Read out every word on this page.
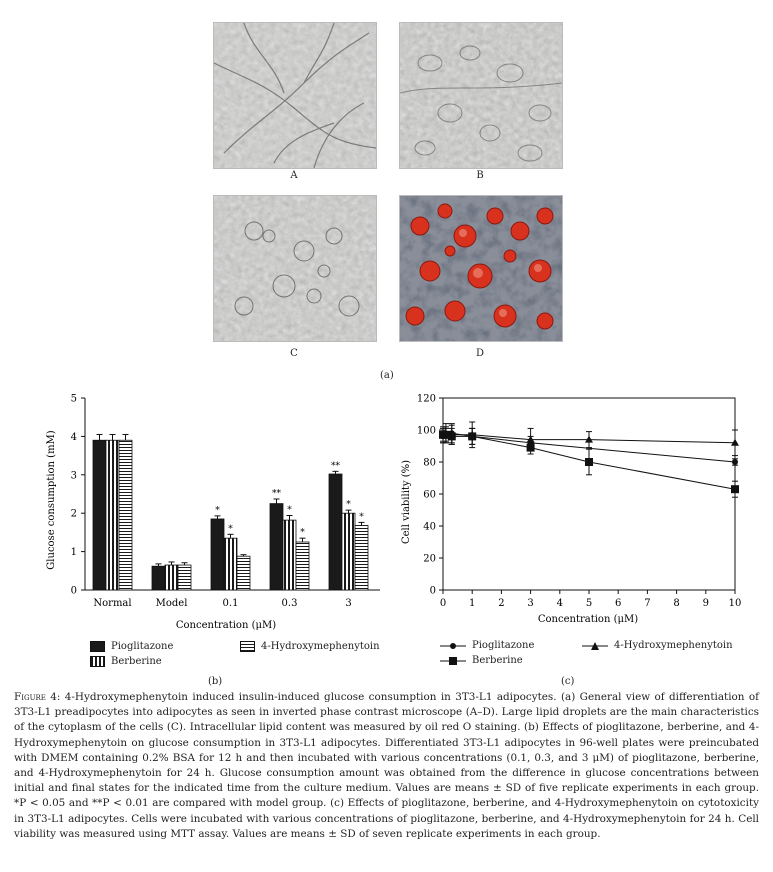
A	B
C	D
(a)
Glucose consumption (mM)
Concentration (μM)
0
1
2
3
4
5
Normal Model	0.1
*
*
0.3
**
*
*
3
**
*
*
Pioglitazone
Berberine
4-Hydroxymephenytoin
(b)
Cell viability (%)
Concentration (μM)
0
20
40
60
80
100
120
0 1 2 3 4 5 6 7 8 9 10
Pioglitazone
Berberine
4-Hydroxymephenytoin
(c)
Figure 4: 4-Hydroxymephenytoin induced insulin-induced glucose consumption in 3T3-L1 adipocytes. (a) General view of differentiation of 3T3-L1 preadipocytes into adipocytes as seen in inverted phase contrast microscope (A–D). Large lipid droplets are the main characteristics of the cytoplasm of the cells (C). Intracellular lipid content was measured by oil red O staining. (b) Effects of pioglitazone, berberine, and 4-Hydroxymephenytoin on glucose consumption in 3T3-L1 adipocytes. Differentiated 3T3-L1 adipocytes in 96-well plates were preincubated with DMEM containing 0.2% BSA for 12 h and then incubated with various concentrations (0.1, 0.3, and 3 μM) of pioglitazone, berberine, and 4-Hydroxymephenytoin for 24 h. Glucose consumption amount was obtained from the difference in glucose concentrations between initial and final states for the indicated time from the culture medium. Values are means ± SD of five replicate experiments in each group. *P < 0.05 and **P < 0.01 are compared with model group. (c) Effects of pioglitazone, berberine, and 4-Hydroxymephenytoin on cytotoxicity in 3T3-L1 adipocytes. Cells were incubated with various concentrations of pioglitazone, berberine, and 4-Hydroxymephenytoin for 24 h. Cell viability was measured using MTT assay. Values are means ± SD of seven replicate experiments in each group.
